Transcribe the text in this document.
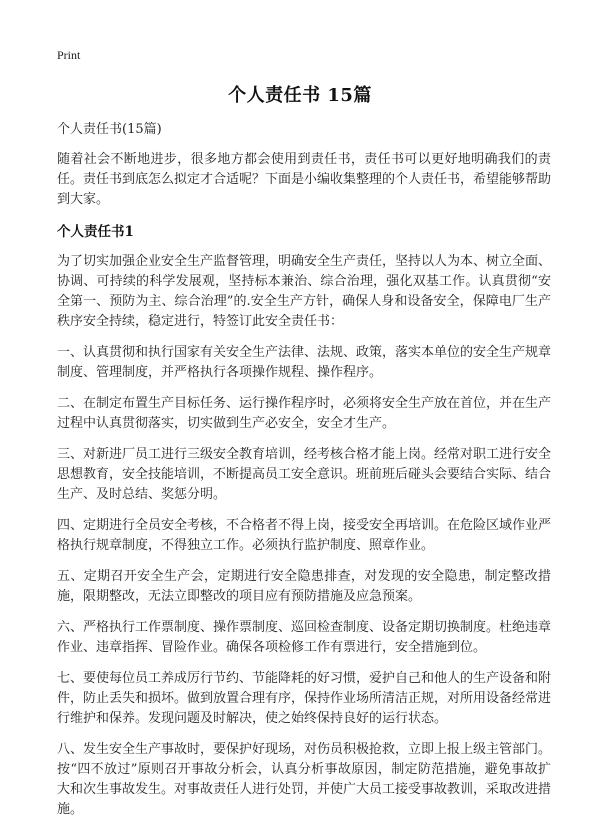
Print
个人责任书 15篇

个人责任书(15篇)

随着社会不断地进步，很多地方都会使用到责任书，责任书可以更好地明确我们的责任。责任书到底怎么拟定才合适呢？下面是小编收集整理的个人责任书，希望能够帮助到大家。

个人责任书1

为了切实加强企业安全生产监督管理，明确安全生产责任，坚持以人为本、树立全面、协调、可持续的科学发展观，坚持标本兼治、综合治理，强化双基工作。认真贯彻“安全第一、预防为主、综合治理”的.安全生产方针，确保人身和设备安全，保障电厂生产秩序安全持续，稳定进行，特签订此安全责任书：

一、认真贯彻和执行国家有关安全生产法律、法规、政策，落实本单位的安全生产规章制度、管理制度，并严格执行各项操作规程、操作程序。

二、在制定布置生产目标任务、运行操作程序时，必须将安全生产放在首位，并在生产过程中认真贯彻落实，切实做到生产必安全，安全才生产。

三、对新进厂员工进行三级安全教育培训，经考核合格才能上岗。经常对职工进行安全思想教育，安全技能培训，不断提高员工安全意识。班前班后碰头会要结合实际、结合生产、及时总结、奖惩分明。

四、定期进行全员安全考核，不合格者不得上岗，接受安全再培训。在危险区域作业严格执行规章制度，不得独立工作。必须执行监护制度、照章作业。

五、定期召开安全生产会，定期进行安全隐患排查，对发现的安全隐患，制定整改措施，限期整改，无法立即整改的项目应有预防措施及应急预案。

六、严格执行工作票制度、操作票制度、巡回检查制度、设备定期切换制度。杜绝违章作业、违章指挥、冒险作业。确保各项检修工作有票进行，安全措施到位。

七、要使每位员工养成厉行节约、节能降耗的好习惯，爱护自己和他人的生产设备和附件，防止丢失和损坏。做到放置合理有序，保持作业场所清洁正规，对所用设备经常进行维护和保养。发现问题及时解决，使之始终保持良好的运行状态。

八、发生安全生产事故时，要保护好现场，对伤员积极抢救，立即上报上级主管部门。按“四不放过”原则召开事故分析会，认真分析事故原因，制定防范措施，避免事故扩大和次生事故发生。对事故责任人进行处罚，并使广大员工接受事故教训，采取改进措施。
